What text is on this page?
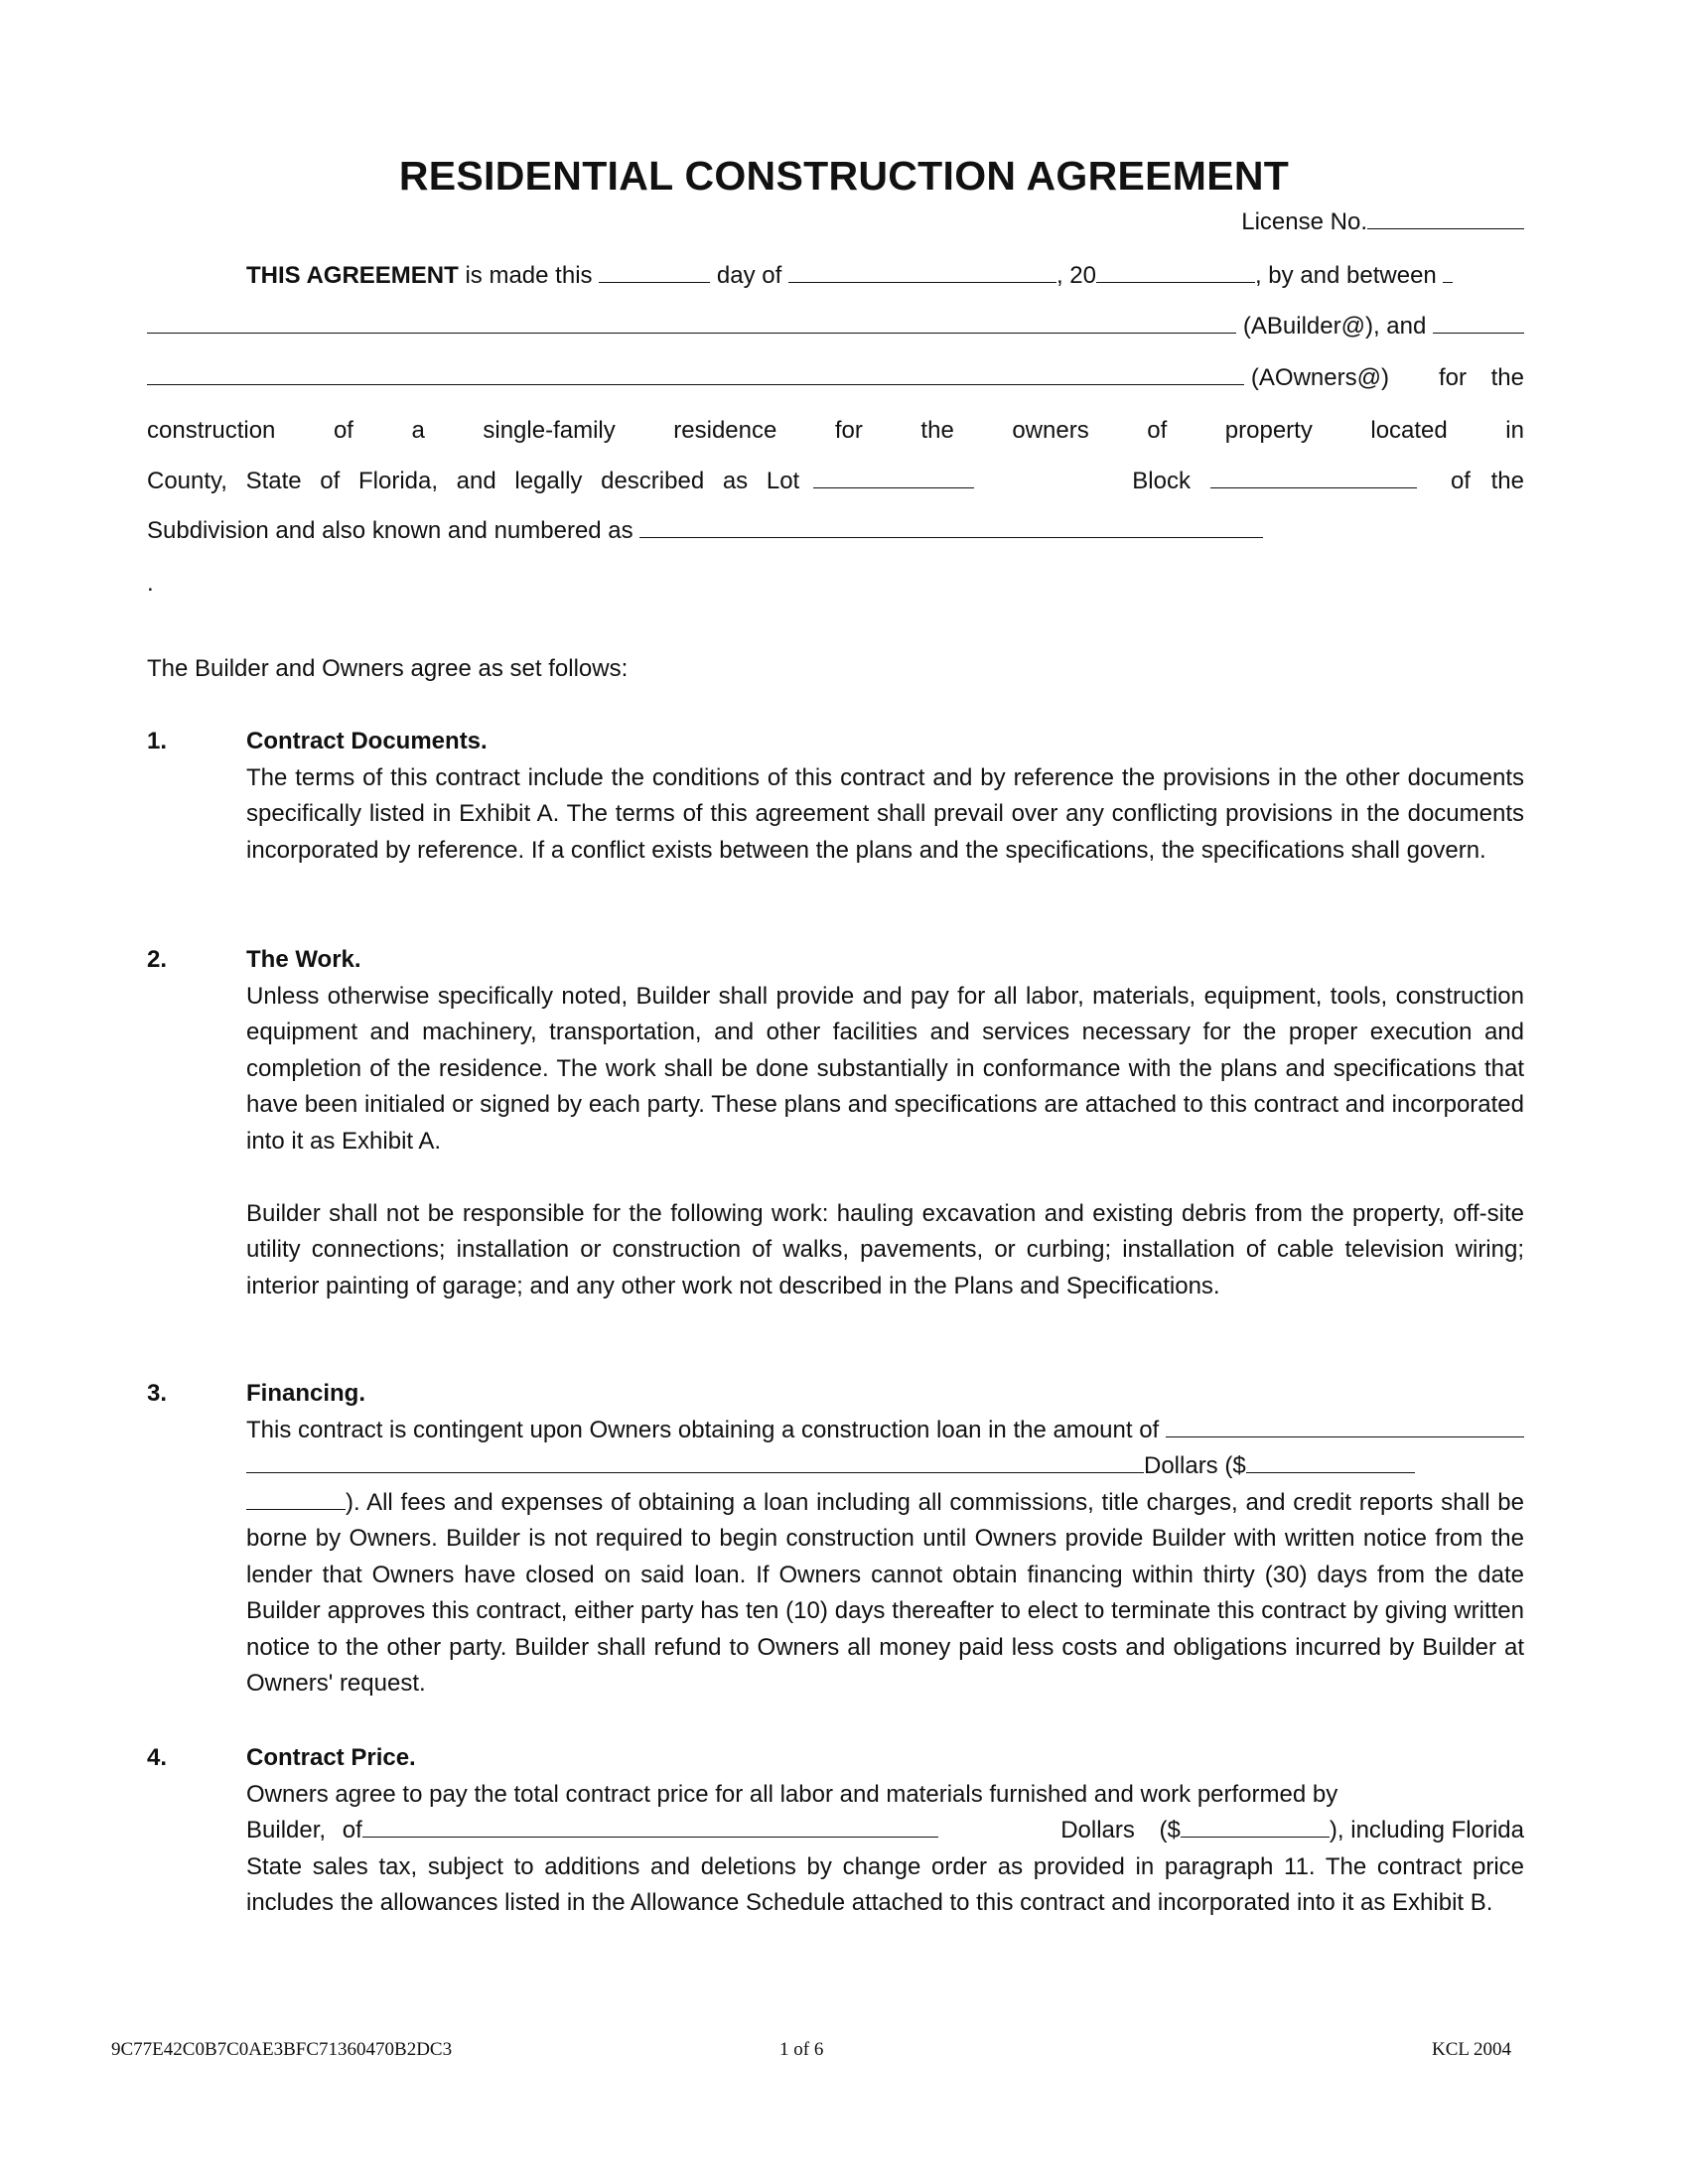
RESIDENTIAL CONSTRUCTION AGREEMENT
License No.
THIS AGREEMENT
is made this

	day of
	, 20	, by and between

(ABuilder@), and

(AOwners@) for the
construction of a single-family residence for the owners of property located in
County, State of Florida, and legally described as Lot
	Block
	of the
Subdivision and also known and numbered as

.
The Builder and Owners agree as set follows:
1.	Contract Documents.

The terms of this contract include the conditions of this contract and by reference the provisions in the other documents specifically listed in Exhibit A. The terms of this agreement shall prevail over any conflicting provisions in the documents incorporated by reference. If a conflict exists between the plans and the specifications, the specifications shall govern.

2.	The Work.

Unless otherwise specifically noted, Builder shall provide and pay for all labor, materials, equipment, tools, construction equipment and machinery, transportation, and other facilities and services necessary for the proper execution and completion of the residence. The work shall be done substantially in conformance with the plans and specifications that have been initialed or signed by each party. These plans and specifications are attached to this contract and incorporated into it as Exhibit A.

Builder shall not be responsible for the following work: hauling excavation and existing debris from the property, off-site utility connections; installation or construction of walks, pavements, or curbing; installation of cable television wiring; interior painting of garage; and any other work not described in the Plans and Specifications.

3.	Financing.
This contract is contingent upon Owners obtaining a construction loan in the amount of

Dollars ($

). All fees and expenses of obtaining a loan including all commissions, title charges, and credit reports shall be borne by Owners. Builder is not required to begin construction until Owners provide Builder with written notice from the lender that Owners have closed on said loan. If Owners cannot obtain financing within thirty (30) days from the date Builder approves this contract, either party has ten (10) days thereafter to elect to terminate this contract by giving written notice to the other party. Builder shall refund to Owners all money paid less costs and obligations incurred by Builder at Owners' request.

4.	Contract Price.

Owners agree to pay the total contract price for all labor and materials furnished and work performed by

Builder, of	Dollars ($	), including Florida

State sales tax, subject to additions and deletions by change order as provided in paragraph 11. The contract price includes the allowances listed in the Allowance Schedule attached to this contract and incorporated into it as Exhibit B.

9C77E42C0B7C0AE3BFC71360470B2DC3	1 of 6	KCL 2004
